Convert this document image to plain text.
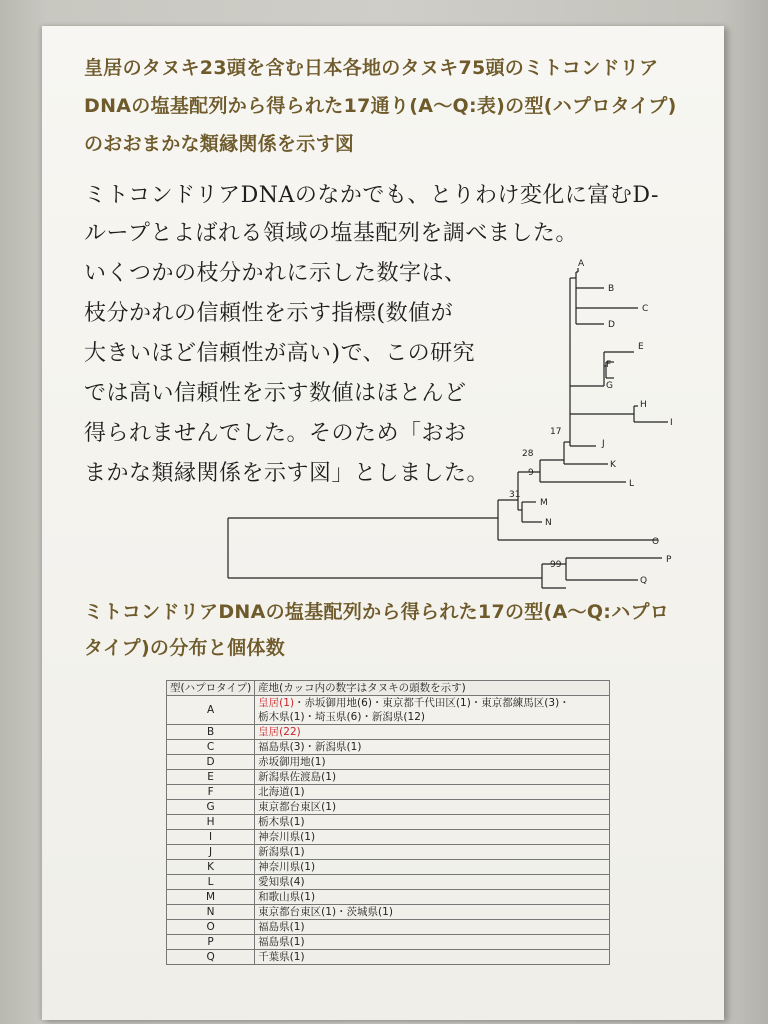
皇居のタヌキ23頭を含む日本各地のタヌキ75頭のミトコンドリア
DNAの塩基配列から得られた17通り(A〜Q:表)の型(ハプロタイプ)
のおおまかな類縁関係を示す図
ミトコンドリアDNAのなかでも、とりわけ変化に富むD-
ループとよばれる領域の塩基配列を調べました。
いくつかの枝分かれに示した数字は、
枝分かれの信頼性を示す指標(数値が
大きいほど信頼性が高い)で、この研究
では高い信頼性を示す数値はほとんど
得られませんでした。そのため「おお
まかな類縁関係を示す図」としました。
A
B
C
D
E
F
G
H
I
J
K
L
M
N
O
P
Q
17
28
9
31
99
ミトコンドリアDNAの塩基配列から得られた17の型(A〜Q:ハプロ
タイプ)の分布と個体数
型(ハプロタイプ)	産地(カッコ内の数字はタヌキの頭数を示す)
A	皇居(1)・赤坂御用地(6)・東京都千代田区(1)・東京都練馬区(3)・
栃木県(1)・埼玉県(6)・新潟県(12)

B	皇居(22)
C	福島県(3)・新潟県(1)
D	赤坂御用地(1)
E	新潟県佐渡島(1)
F	北海道(1)
G	東京都台東区(1)
H	栃木県(1)
I	神奈川県(1)
J	新潟県(1)
K	神奈川県(1)
L	愛知県(4)
M	和歌山県(1)
N	東京都台東区(1)・茨城県(1)
O	福島県(1)
P	福島県(1)
Q	千葉県(1)
